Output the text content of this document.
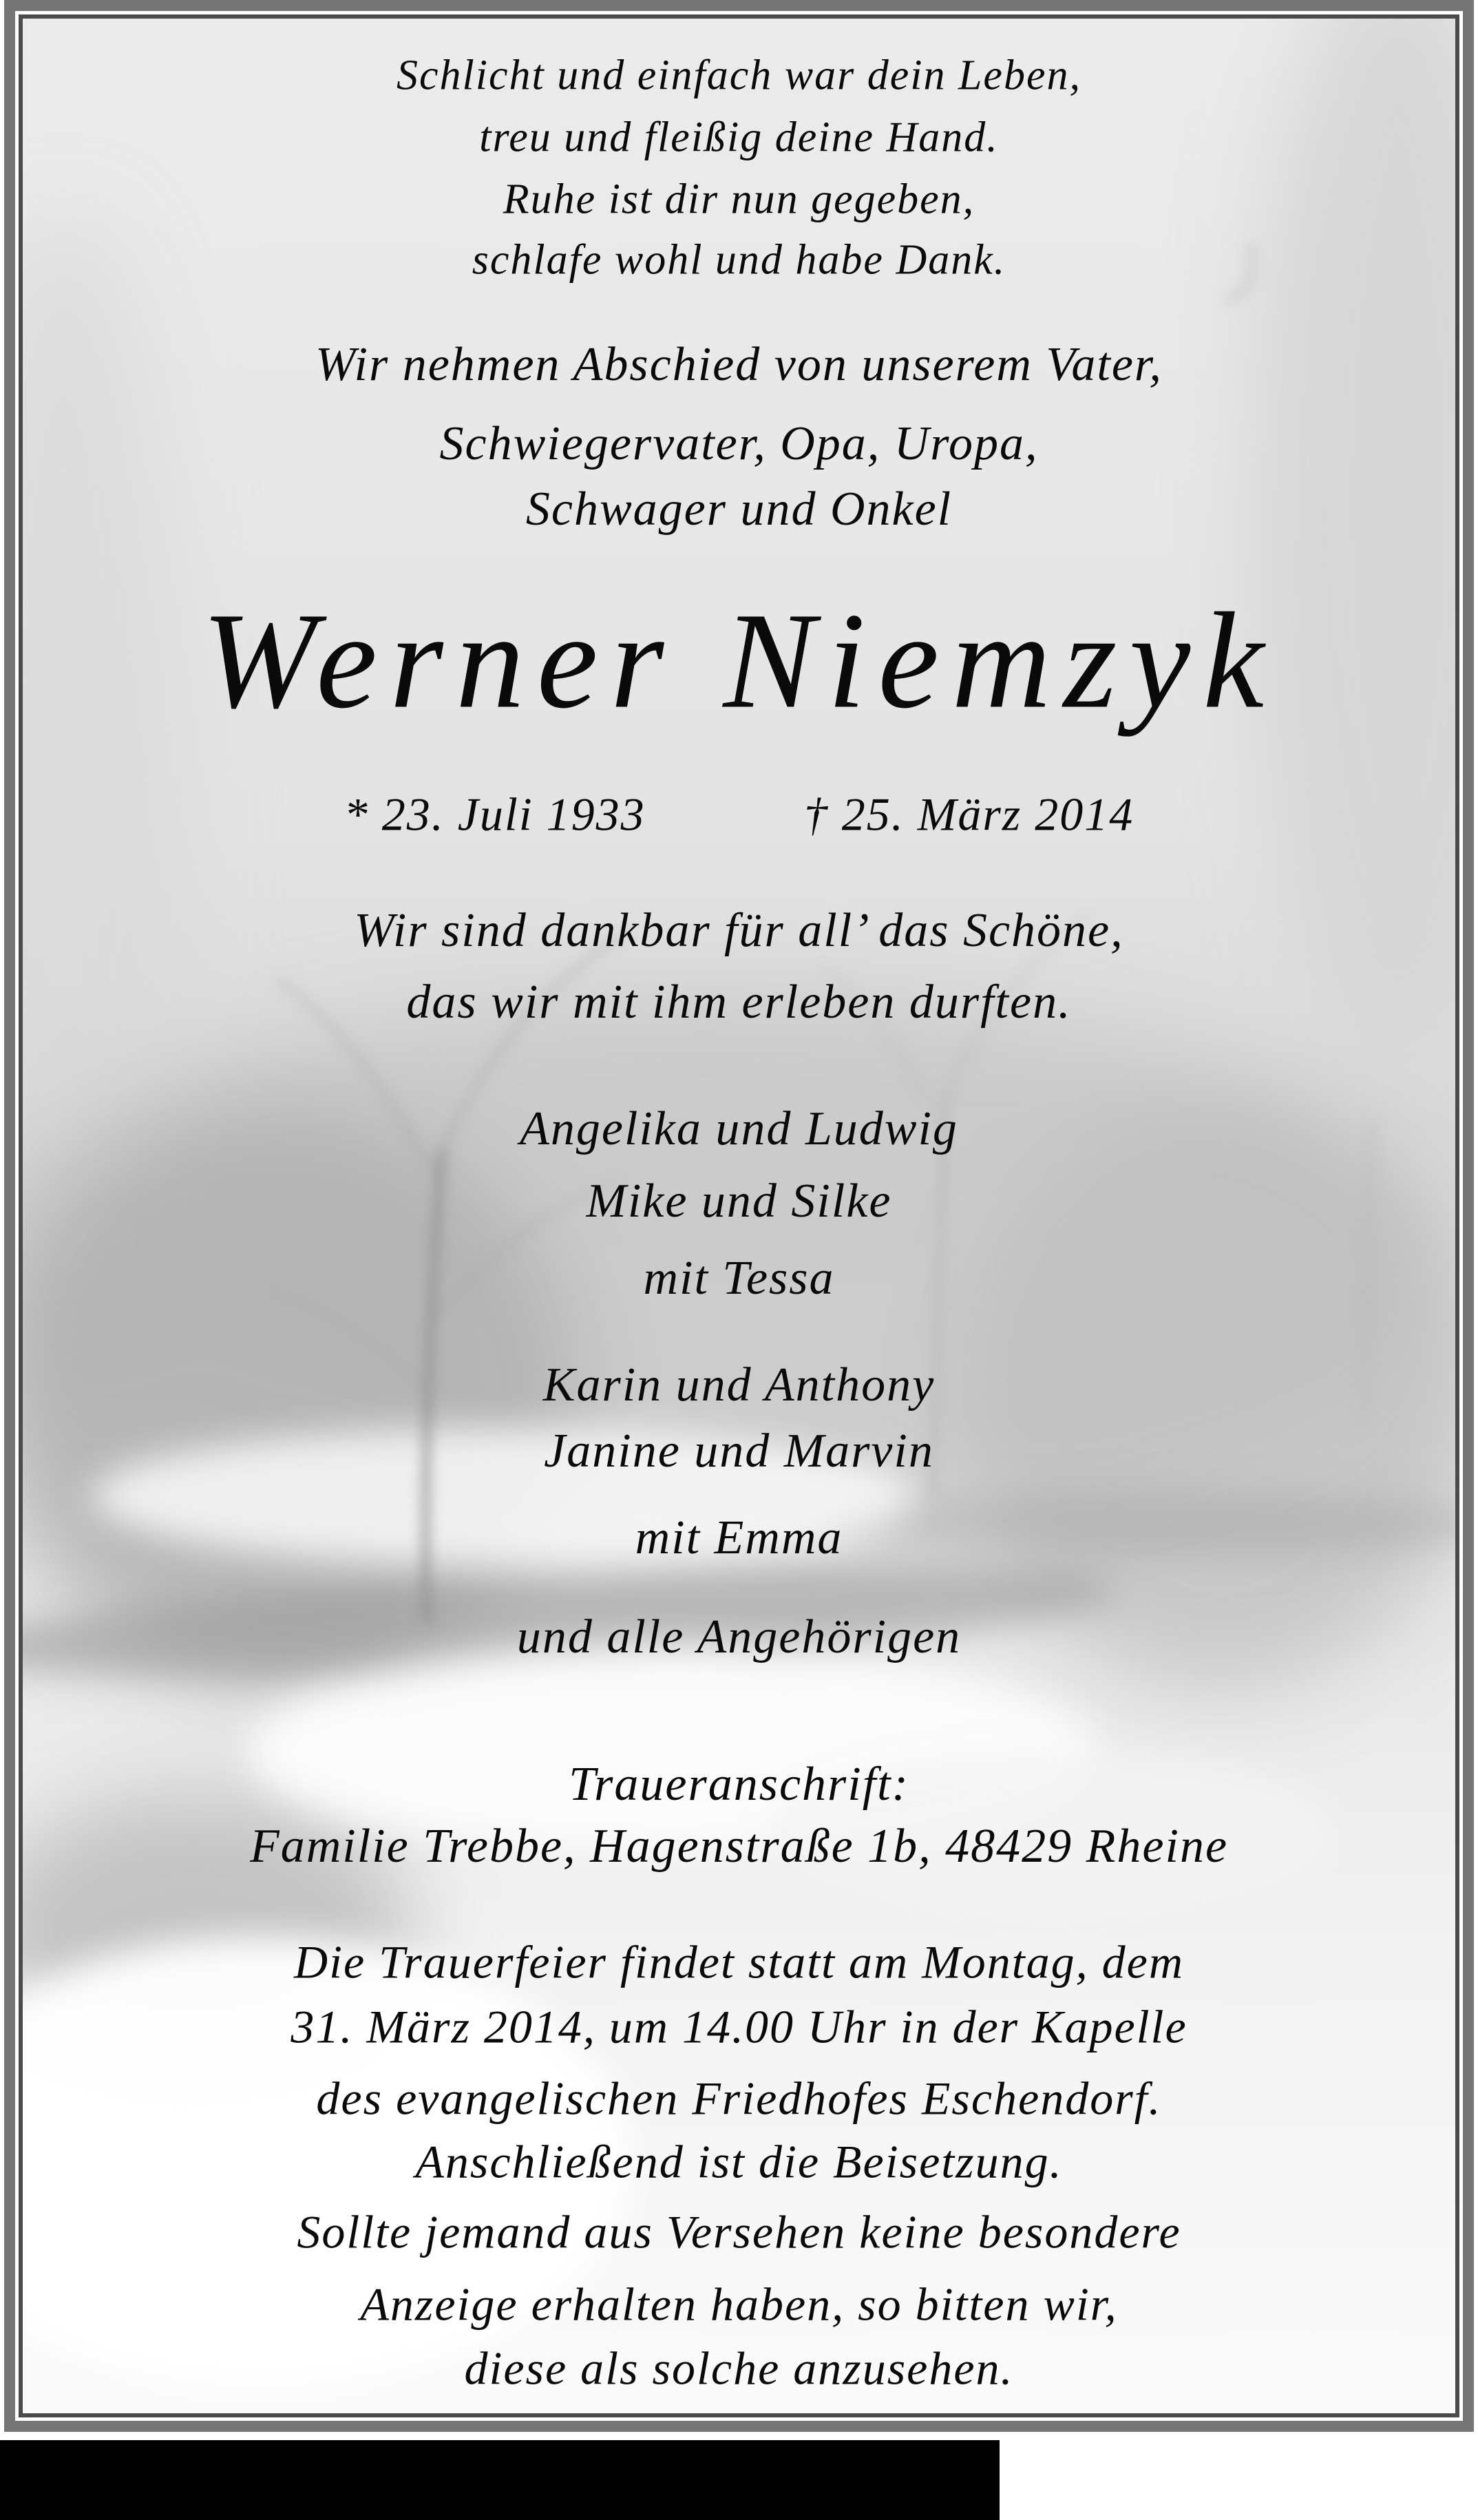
Schlicht und einfach war dein Leben,
treu und fleißig deine Hand.
Ruhe ist dir nun gegeben,
schlafe wohl und habe Dank.
Wir nehmen Abschied von unserem Vater,
Schwiegervater, Opa, Uropa,
Schwager und Onkel
Werner Niemzyk
* 23. Juli 1933	† 25. März 2014
Wir sind dankbar für all’ das Schöne,
das wir mit ihm erleben durften.
Angelika und Ludwig
Mike und Silke
mit Tessa
Karin und Anthony
Janine und Marvin
mit Emma
und alle Angehörigen
Traueranschrift:
Familie Trebbe, Hagenstraße 1b, 48429 Rheine
Die Trauerfeier findet statt am Montag, dem
31. März 2014, um 14.00 Uhr in der Kapelle
des evangelischen Friedhofes Eschendorf.
Anschließend ist die Beisetzung.
Sollte jemand aus Versehen keine besondere
Anzeige erhalten haben, so bitten wir,
diese als solche anzusehen.
